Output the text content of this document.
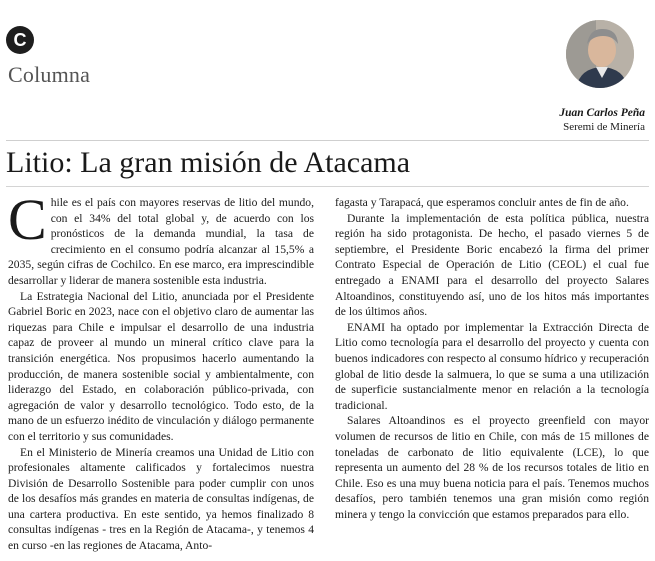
C
Columna
Juan Carlos Peña
Seremi de Minería
Litio: La gran misión de Atacama

Chile es el país con mayores reservas de litio del mundo, con el 34% del total global y, de acuerdo con los pronósticos de la demanda mundial, la tasa de crecimiento en el consumo podría alcanzar al 15,5% a 2035, según cifras de Cochilco. En ese marco, era imprescindible desarrollar y liderar de manera sostenible esta industria.

La Estrategia Nacional del Litio, anunciada por el Presidente Gabriel Boric en 2023, nace con el objetivo claro de aumentar las riquezas para Chile e impulsar el desarrollo de una industria capaz de proveer al mundo un mineral crítico clave para la transición energética. Nos propusimos hacerlo aumentando la producción, de manera sostenible social y ambientalmente, con liderazgo del Estado, en colaboración público-privada, con agregación de valor y desarrollo tecnológico. Todo esto, de la mano de un esfuerzo inédito de vinculación y diálogo permanente con el territorio y sus comunidades.

En el Ministerio de Minería creamos una Unidad de Litio con profesionales altamente calificados y fortalecimos nuestra División de Desarrollo Sostenible para poder cumplir con unos de los desafíos más grandes en materia de consultas indígenas, de una cartera productiva. En este sentido, ya hemos finalizado 8 consultas indígenas - tres en la Región de Atacama-, y tenemos 4 en curso -en las regiones de Atacama, Anto-

fagasta y Tarapacá, que esperamos concluir antes de fin de año.

Durante la implementación de esta política pública, nuestra región ha sido protagonista. De hecho, el pasado viernes 5 de septiembre, el Presidente Boric encabezó la firma del primer Contrato Especial de Operación de Litio (CEOL) el cual fue entregado a ENAMI para el desarrollo del proyecto Salares Altoandinos, constituyendo así, uno de los hitos más importantes de los últimos años.

ENAMI ha optado por implementar la Extracción Directa de Litio como tecnología para el desarrollo del proyecto y cuenta con buenos indicadores con respecto al consumo hídrico y recuperación global de litio desde la salmuera, lo que se suma a una utilización de superficie sustancialmente menor en relación a la tecnología tradicional.

Salares Altoandinos es el proyecto greenfield con mayor volumen de recursos de litio en Chile, con más de 15 millones de toneladas de carbonato de litio equivalente (LCE), lo que representa un aumento del 28 % de los recursos totales de litio en Chile. Eso es una muy buena noticia para el país. Tenemos muchos desafíos, pero también tenemos una gran misión como región minera y tengo la convicción que estamos preparados para ello.
